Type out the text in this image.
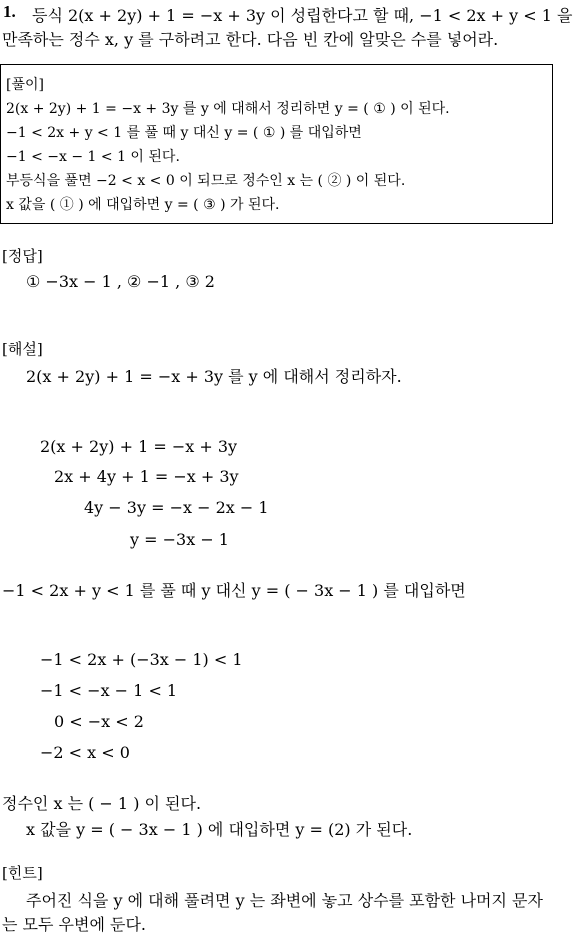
1. 등식 2(x + 2y) + 1 = −x + 3y 이 성립한다고 할 때, −1 < 2x + y < 1 을
만족하는 정수 x, y 를 구하려고 한다. 다음 빈 칸에 알맞은 수를 넣어라.
[풀이]
2(x + 2y) + 1 = −x + 3y 를 y 에 대해서 정리하면 y = ( ① ) 이 된다.
−1 < 2x + y < 1 를 풀 때 y 대신 y = ( ① ) 를 대입하면
−1 < −x − 1 < 1 이 된다.
부등식을 풀면 −2 < x < 0 이 되므로 정수인 x 는 ( ② ) 이 된다.
x 값을 ( ① ) 에 대입하면 y = ( ③ ) 가 된다.
[정답]
① −3x − 1 , ② −1 , ③ 2
[해설]
2(x + 2y) + 1 = −x + 3y 를 y 에 대해서 정리하자.
2(x + 2y) + 1 = −x + 3y
2x + 4y + 1 = −x + 3y
4y − 3y = −x − 2x − 1
y = −3x − 1
−1 < 2x + y < 1 를 풀 때 y 대신 y = ( − 3x − 1 ) 를 대입하면
−1 < 2x + (−3x − 1) < 1
−1 < −x − 1 < 1
0 < −x < 2
−2 < x < 0
정수인 x 는 ( − 1 ) 이 된다.
x 값을 y = ( − 3x − 1 ) 에 대입하면 y = (2) 가 된다.
[힌트]
주어진 식을 y 에 대해 풀려면 y 는 좌변에 놓고 상수를 포함한 나머지 문자
는 모두 우변에 둔다.
